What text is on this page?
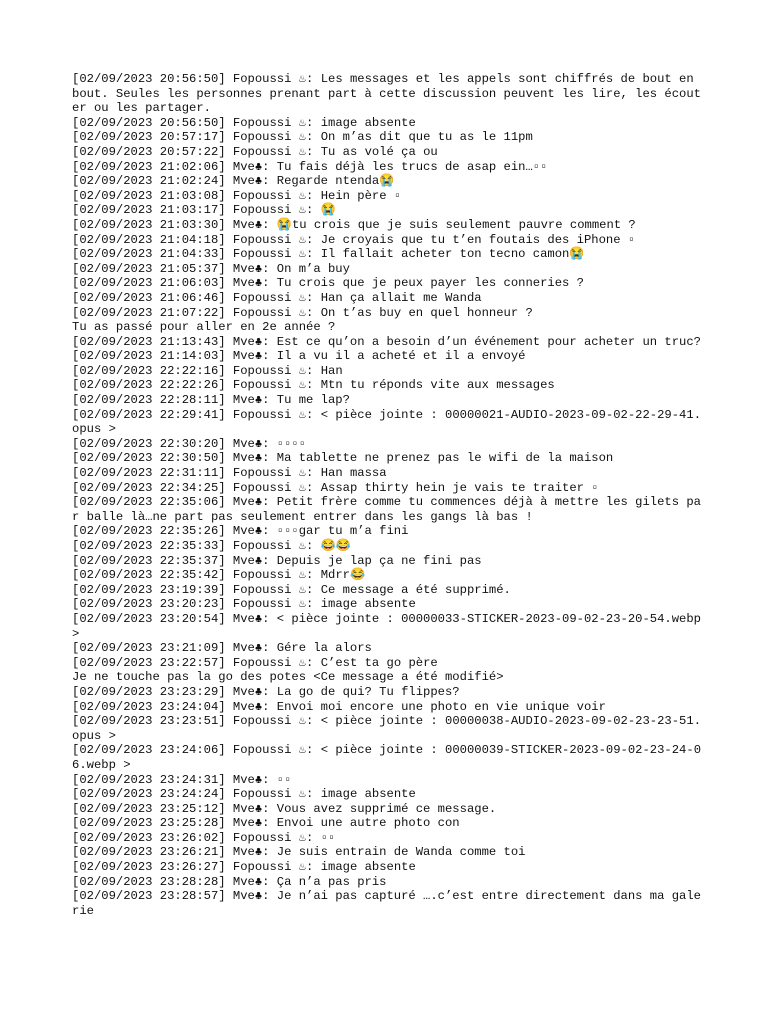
[02/09/2023 20:56:50] Fopoussi ♨: Les messages et les appels sont chiffrés de bout en bout. Seules les personnes prenant part à cette discussion peuvent les lire, les écouter ou les partager.
[02/09/2023 20:56:50] Fopoussi ♨: image absente
[02/09/2023 20:57:17] Fopoussi ♨: On m’as dit que tu as le 11pm
[02/09/2023 20:57:22] Fopoussi ♨: Tu as volé ça ou
[02/09/2023 21:02:06] Mve♣: Tu fais déjà les trucs de asap ein…▫▫
[02/09/2023 21:02:24] Mve♣: Regarde ntenda😭
[02/09/2023 21:03:08] Fopoussi ♨: Hein père ▫
[02/09/2023 21:03:17] Fopoussi ♨: 😭
[02/09/2023 21:03:30] Mve♣: 😭tu crois que je suis seulement pauvre comment ?
[02/09/2023 21:04:18] Fopoussi ♨: Je croyais que tu t’en foutais des iPhone ▫
[02/09/2023 21:04:33] Fopoussi ♨: Il fallait acheter ton tecno camon😭
[02/09/2023 21:05:37] Mve♣: On m’a buy
[02/09/2023 21:06:03] Mve♣: Tu crois que je peux payer les conneries ?
[02/09/2023 21:06:46] Fopoussi ♨: Han ça allait me Wanda
[02/09/2023 21:07:22] Fopoussi ♨: On t’as buy en quel honneur ?
Tu as passé pour aller en 2e année ?
[02/09/2023 21:13:43] Mve♣: Est ce qu’on a besoin d’un événement pour acheter un truc?
[02/09/2023 21:14:03] Mve♣: Il a vu il a acheté et il a envoyé
[02/09/2023 22:22:16] Fopoussi ♨: Han
[02/09/2023 22:22:26] Fopoussi ♨: Mtn tu réponds vite aux messages
[02/09/2023 22:28:11] Mve♣: Tu me lap?
[02/09/2023 22:29:41] Fopoussi ♨: < pièce jointe : 00000021-AUDIO-2023-09-02-22-29-41.opus >
[02/09/2023 22:30:20] Mve♣: ▫▫▫▫
[02/09/2023 22:30:50] Mve♣: Ma tablette ne prenez pas le wifi de la maison
[02/09/2023 22:31:11] Fopoussi ♨: Han massa
[02/09/2023 22:34:25] Fopoussi ♨: Assap thirty hein je vais te traiter ▫
[02/09/2023 22:35:06] Mve♣: Petit frère comme tu commences déjà à mettre les gilets par balle là…ne part pas seulement entrer dans les gangs là bas !
[02/09/2023 22:35:26] Mve♣: ▫▫▫gar tu m’a fini
[02/09/2023 22:35:33] Fopoussi ♨: 😂😂
[02/09/2023 22:35:37] Mve♣: Depuis je lap ça ne fini pas
[02/09/2023 22:35:42] Fopoussi ♨: Mdrr😂
[02/09/2023 23:19:39] Fopoussi ♨: Ce message a été supprimé.
[02/09/2023 23:20:23] Fopoussi ♨: image absente
[02/09/2023 23:20:54] Mve♣: < pièce jointe : 00000033-STICKER-2023-09-02-23-20-54.webp >
[02/09/2023 23:21:09] Mve♣: Gére la alors
[02/09/2023 23:22:57] Fopoussi ♨: C’est ta go père
Je ne touche pas la go des potes <Ce message a été modifié>
[02/09/2023 23:23:29] Mve♣: La go de qui? Tu flippes?
[02/09/2023 23:24:04] Mve♣: Envoi moi encore une photo en vie unique voir
[02/09/2023 23:23:51] Fopoussi ♨: < pièce jointe : 00000038-AUDIO-2023-09-02-23-23-51.opus >
[02/09/2023 23:24:06] Fopoussi ♨: < pièce jointe : 00000039-STICKER-2023-09-02-23-24-06.webp >
[02/09/2023 23:24:31] Mve♣: ▫▫
[02/09/2023 23:24:24] Fopoussi ♨: image absente
[02/09/2023 23:25:12] Mve♣: Vous avez supprimé ce message.
[02/09/2023 23:25:28] Mve♣: Envoi une autre photo con
[02/09/2023 23:26:02] Fopoussi ♨: ▫▫
[02/09/2023 23:26:21] Mve♣: Je suis entrain de Wanda comme toi
[02/09/2023 23:26:27] Fopoussi ♨: image absente
[02/09/2023 23:28:28] Mve♣: Ça n’a pas pris
[02/09/2023 23:28:57] Mve♣: Je n’ai pas capturé ….c’est entre directement dans ma galerie
